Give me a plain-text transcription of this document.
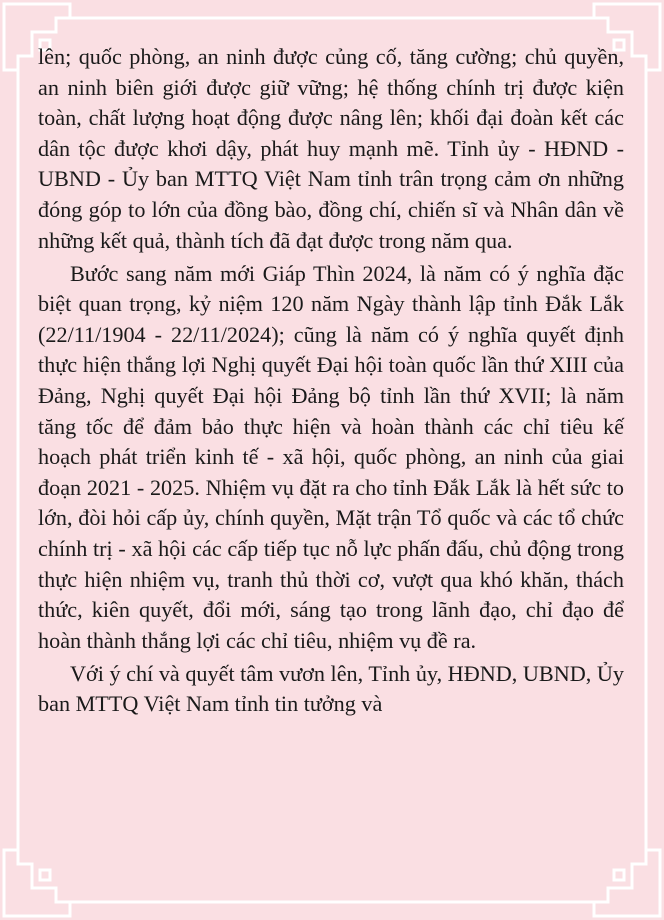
lên; quốc phòng, an ninh được củng cố, tăng cường; chủ quyền, an ninh biên giới được giữ vững; hệ thống chính trị được kiện toàn, chất lượng hoạt động được nâng lên; khối đại đoàn kết các dân tộc được khơi dậy, phát huy mạnh mẽ. Tỉnh ủy - HĐND - UBND - Ủy ban MTTQ Việt Nam tỉnh trân trọng cảm ơn những đóng góp to lớn của đồng bào, đồng chí, chiến sĩ và Nhân dân về những kết quả, thành tích đã đạt được trong năm qua.

Bước sang năm mới Giáp Thìn 2024, là năm có ý nghĩa đặc biệt quan trọng, kỷ niệm 120 năm Ngày thành lập tỉnh Đắk Lắk (22/11/1904 - 22/11/2024); cũng là năm có ý nghĩa quyết định thực hiện thắng lợi Nghị quyết Đại hội toàn quốc lần thứ XIII của Đảng, Nghị quyết Đại hội Đảng bộ tỉnh lần thứ XVII; là năm tăng tốc để đảm bảo thực hiện và hoàn thành các chỉ tiêu kế hoạch phát triển kinh tế - xã hội, quốc phòng, an ninh của giai đoạn 2021 - 2025. Nhiệm vụ đặt ra cho tỉnh Đắk Lắk là hết sức to lớn, đòi hỏi cấp ủy, chính quyền, Mặt trận Tổ quốc và các tổ chức chính trị - xã hội các cấp tiếp tục nỗ lực phấn đấu, chủ động trong thực hiện nhiệm vụ, tranh thủ thời cơ, vượt qua khó khăn, thách thức, kiên quyết, đổi mới, sáng tạo trong lãnh đạo, chỉ đạo để hoàn thành thắng lợi các chỉ tiêu, nhiệm vụ đề ra.

Với ý chí và quyết tâm vươn lên, Tỉnh ủy, HĐND, UBND, Ủy ban MTTQ Việt Nam tỉnh tin tưởng và
